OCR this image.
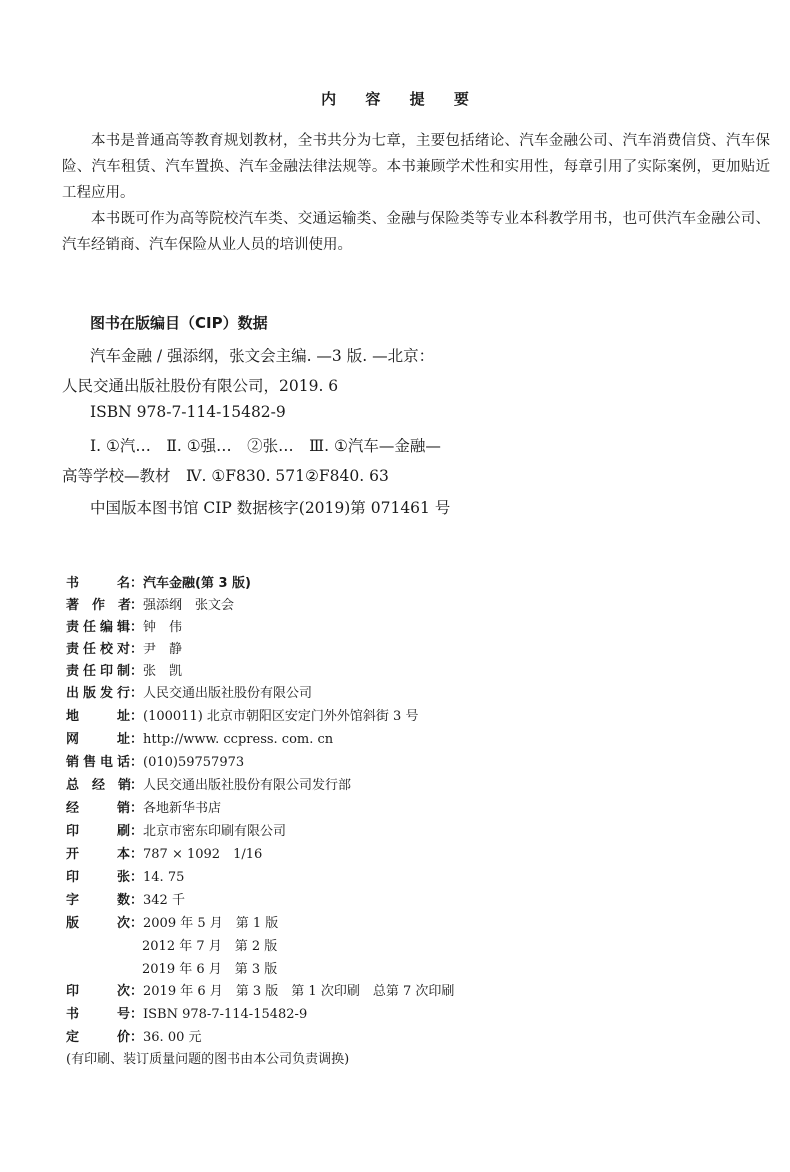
内 容 提 要

本书是普通高等教育规划教材，全书共分为七章，主要包括绪论、汽车金融公司、汽车消费信贷、汽车保险、汽车租赁、汽车置换、汽车金融法律法规等。本书兼顾学术性和实用性，每章引用了实际案例，更加贴近工程应用。

本书既可作为高等院校汽车类、交通运输类、金融与保险类等专业本科教学用书，也可供汽车金融公司、汽车经销商、汽车保险从业人员的培训使用。

图书在版编目（CIP）数据
汽车金融 / 强添纲，张文会主编. —3 版. —北京：
人民交通出版社股份有限公司，2019. 6
ISBN 978-7-114-15482-9
Ⅰ. ①汽…　Ⅱ. ①强…　②张…　Ⅲ. ①汽车—金融—
高等学校—教材　Ⅳ. ①F830. 571②F840. 63
中国版本图书馆 CIP 数据核字(2019)第 071461 号
书　　名：汽车金融(第 3 版)
著　作　者：强添纲　张文会
责任编辑：钟　伟
责任校对：尹　静
责任印制：张　凯
出版发行：人民交通出版社股份有限公司
地　　址：(100011) 北京市朝阳区安定门外外馆斜街 3 号
网　　址：http://www. ccpress. com. cn
销售电话：(010)59757973
总　经　销：人民交通出版社股份有限公司发行部
经　　销：各地新华书店
印　　刷：北京市密东印刷有限公司
开　　本：787 × 1092　1/16
印　　张：14. 75
字　　数：342 千
版　　次：2009 年 5 月　第 1 版
2012 年 7 月　第 2 版
2019 年 6 月　第 3 版
印　　次：2019 年 6 月　第 3 版　第 1 次印刷　总第 7 次印刷
书　　号：ISBN 978-7-114-15482-9
定　　价：36. 00 元
(有印刷、装订质量问题的图书由本公司负责调换)
